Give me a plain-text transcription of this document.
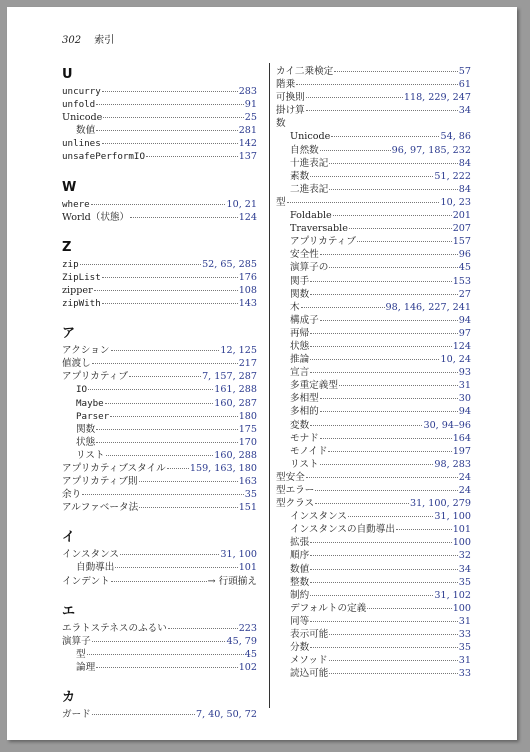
302 索引
U
uncurry	283
unfold	91
Unicode	25
数値	281
unlines	142
unsafePerformIO	137
W
where	10, 21
World（状態）	124
Z
zip	52, 65, 285
ZipList	176
zipper	108
zipWith	143
ア
アクション	12, 125
値渡し	217
アプリカティブ	7, 157, 287
IO	161, 288
Maybe	160, 287
Parser	180
関数	175
状態	170
リスト	160, 288
アプリカティブスタイル	159, 163, 180
アプリカティブ則	163
余り	35
アルファベータ法	151
イ
インスタンス	31, 100
自動導出	101
インデント	→ 行頭揃え
エ
エラトステネスのふるい	223
演算子	45, 79
型	45
論理	102
カ
ガード	7, 40, 50, 72
カイ二乗検定	57
階乗	61
可換則	118, 229, 247
掛け算	34
数
Unicode	54, 86
自然数	96, 97, 185, 232
十進表記	84
素数	51, 222
二進表記	84
型	10, 23
Foldable	201
Traversable	207
アプリカティブ	157
安全性	96
演算子の	45
関手	153
関数	27
木	98, 146, 227, 241
構成子	94
再帰	97
状態	124
推論	10, 24
宣言	93
多重定義型	31
多相型	30
多相的	94
変数	30, 94–96
モナド	164
モノイド	197
リスト	98, 283
型安全	24
型エラー	24
型クラス	31, 100, 279
インスタンス	31, 100
インスタンスの自動導出	101
拡張	100
順序	32
数値	34
整数	35
制約	31, 102
デフォルトの定義	100
同等	31
表示可能	33
分数	35
メソッド	31
読込可能	33
